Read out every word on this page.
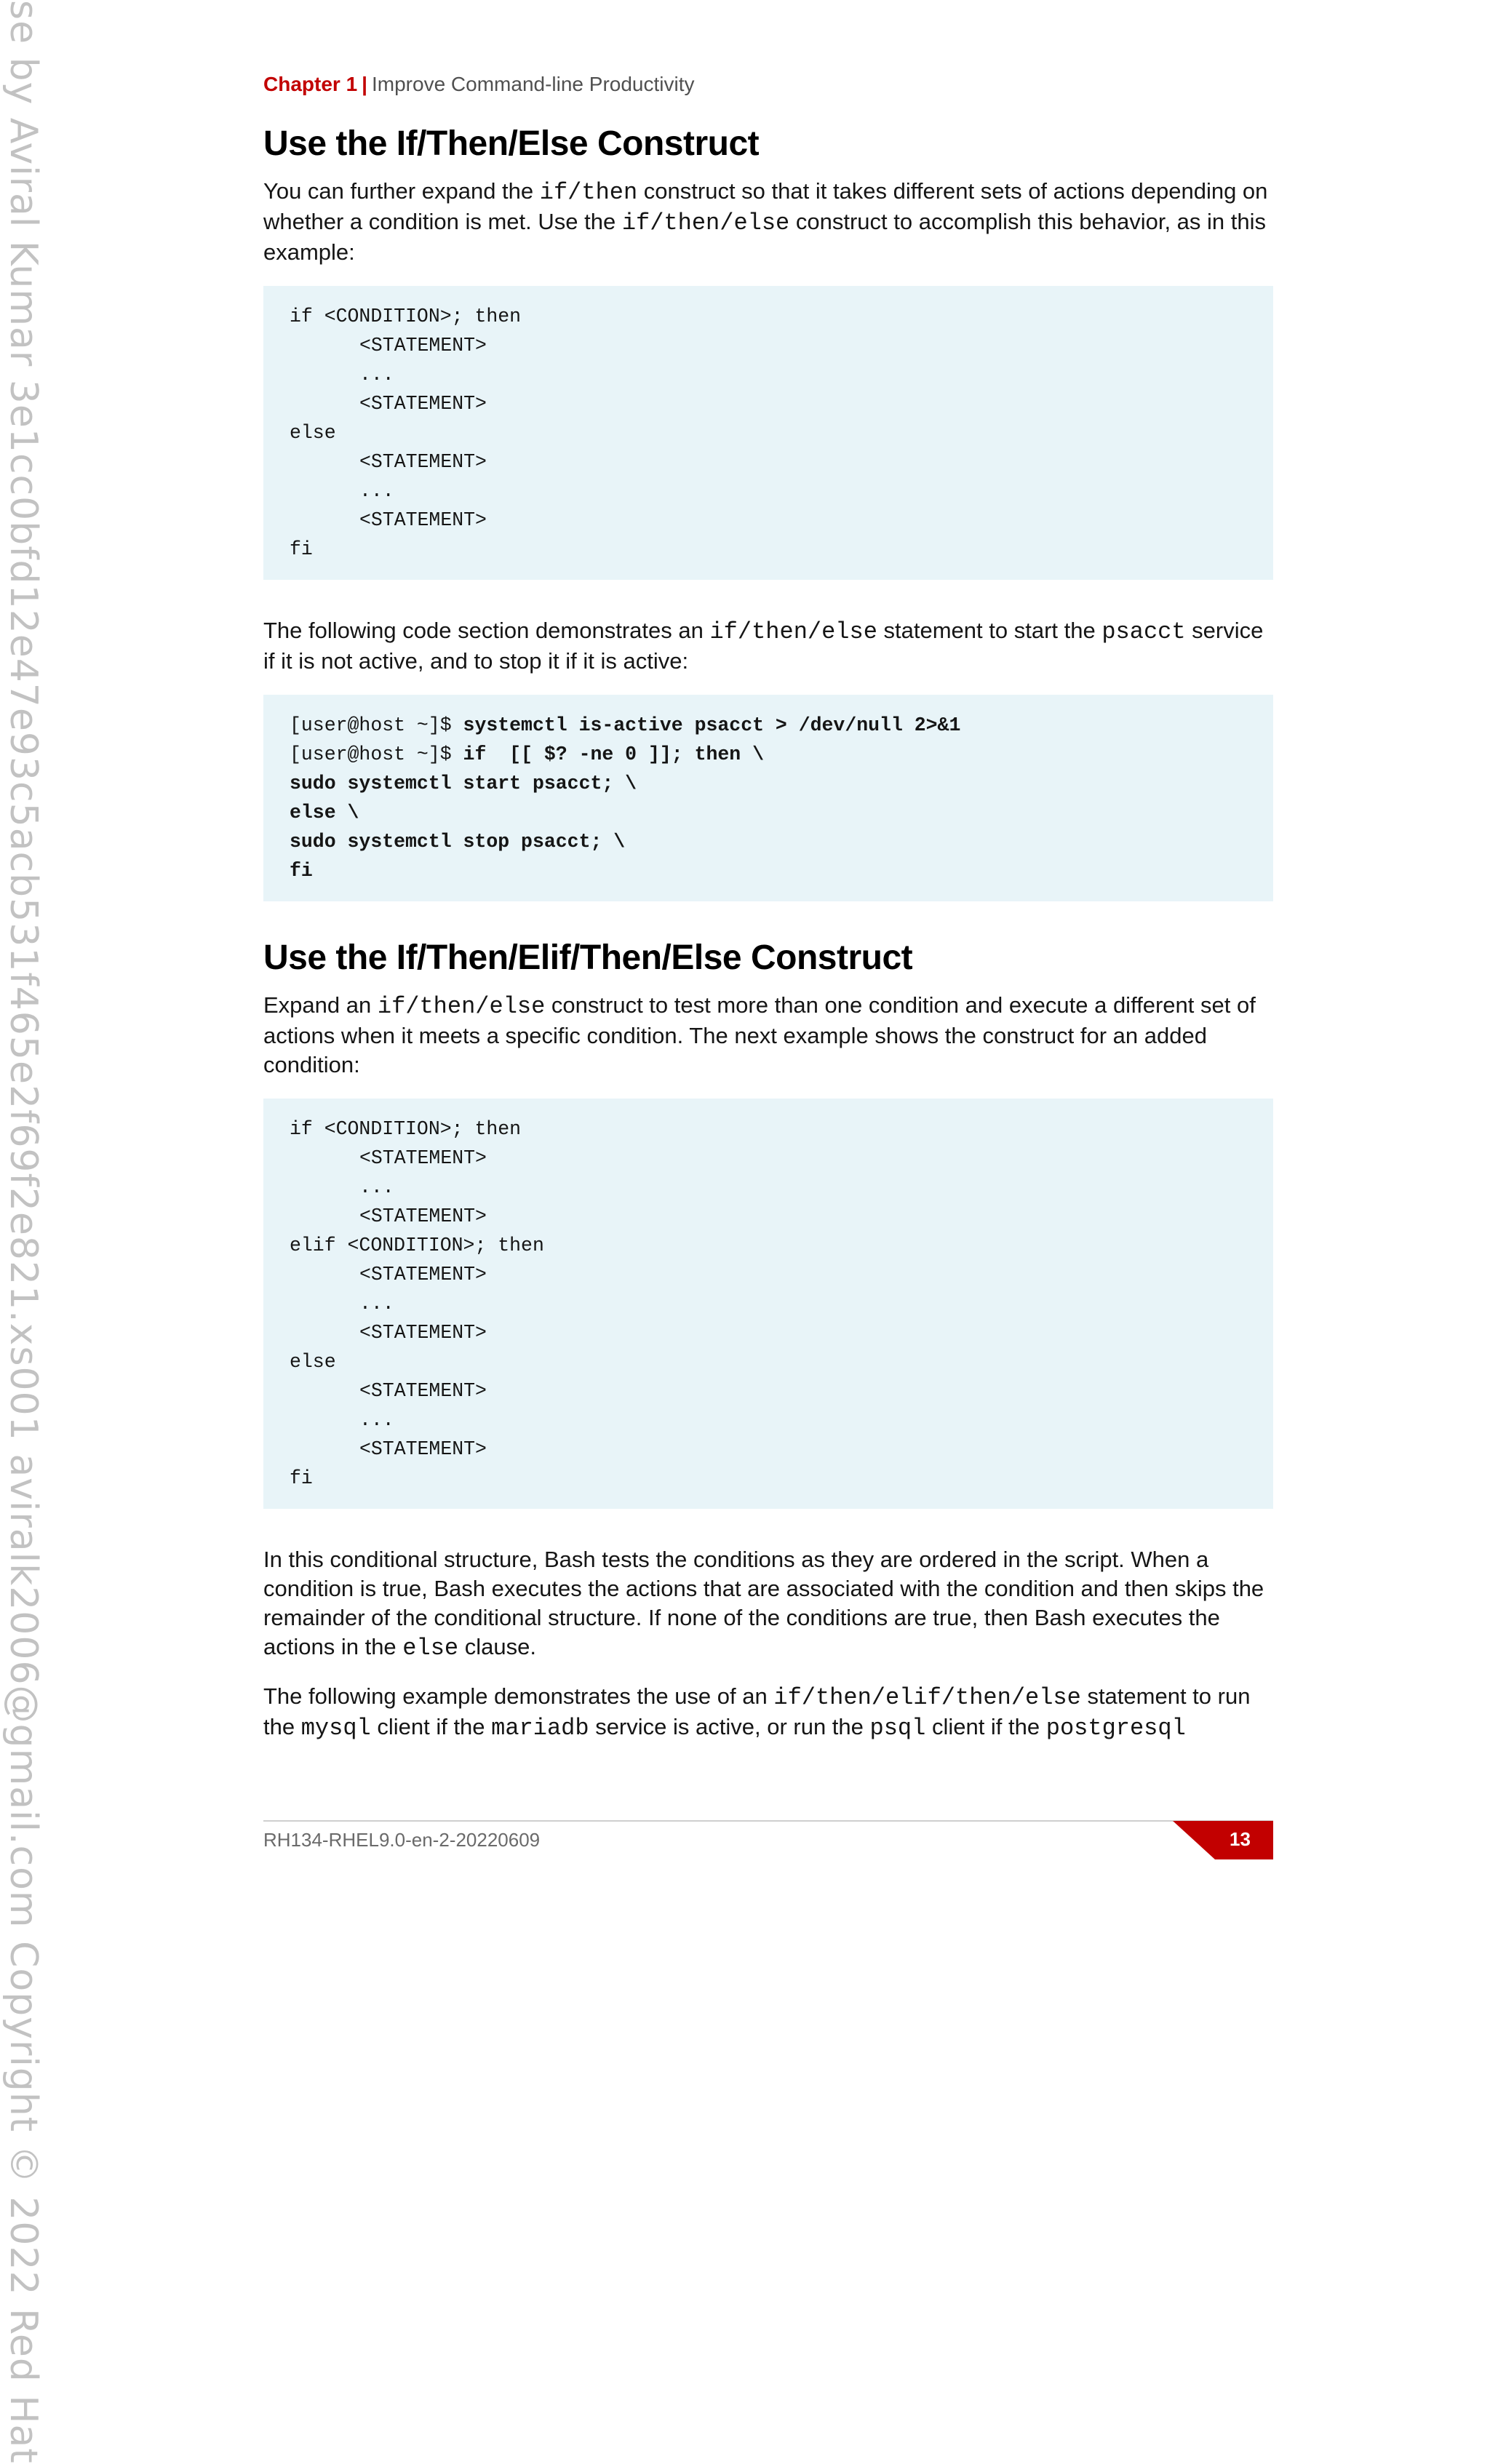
se by Aviral Kumar 3e1cc0bfd12e47e93c5acb531f465e2f69f2e821.xs001 aviralk2006@gmail.com Copyright © 2022 Red Hat	Chapter 1 | Improve Command-line Productivity
Use the If/Then/Else Construct

You can further expand the if/then construct so that it takes different sets of actions depending on whether a condition is met. Use the if/then/else construct to accomplish this behavior, as in this example:

if <CONDITION>; then
<STATEMENT>
...
<STATEMENT>
else
<STATEMENT>
...
<STATEMENT>
fi

The following code section demonstrates an if/then/else statement to start the psacct service if it is not active, and to stop it if it is active:

[user@host ~]$ systemctl is-active psacct > /dev/null 2>&1
[user@host ~]$ if  [[ $? -ne 0 ]]; then \
sudo systemctl start psacct; \
else \
sudo systemctl stop psacct; \
fi
Use the If/Then/Elif/Then/Else Construct

Expand an if/then/else construct to test more than one condition and execute a different set of actions when it meets a specific condition. The next example shows the construct for an added condition:

if <CONDITION>; then
<STATEMENT>
...
<STATEMENT>
elif <CONDITION>; then
<STATEMENT>
...
<STATEMENT>
else
<STATEMENT>
...
<STATEMENT>
fi

In this conditional structure, Bash tests the conditions as they are ordered in the script. When a condition is true, Bash executes the actions that are associated with the condition and then skips the remainder of the conditional structure. If none of the conditions are true, then Bash executes the actions in the else clause.

The following example demonstrates the use of an if/then/elif/then/else statement to run the mysql client if the mariadb service is active, or run the psql client if the postgresql

RH134-RHEL9.0-en-2-20220609	13
